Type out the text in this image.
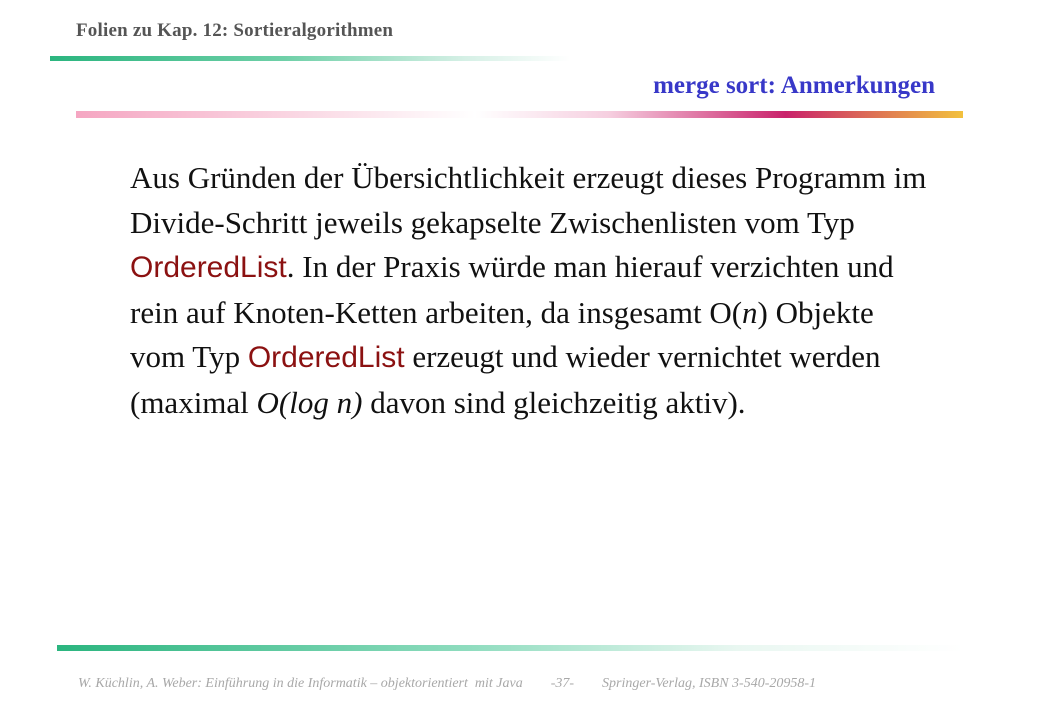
Folien zu Kap. 12: Sortieralgorithmen
merge sort: Anmerkungen
Aus Gründen der Übersichtlichkeit erzeugt dieses Programm im Divide-Schritt jeweils gekapselte Zwischenlisten vom Typ OrderedList. In der Praxis würde man hierauf verzichten und rein auf Knoten-Ketten arbeiten, da insgesamt O(n) Objekte vom Typ OrderedList erzeugt und wieder vernichtet werden (maximal O(log n) davon sind gleichzeitig aktiv).
W. Küchlin, A. Weber: Einführung in die Informatik – objektorientiert  mit Java -37- Springer-Verlag, ISBN 3-540-20958-1
